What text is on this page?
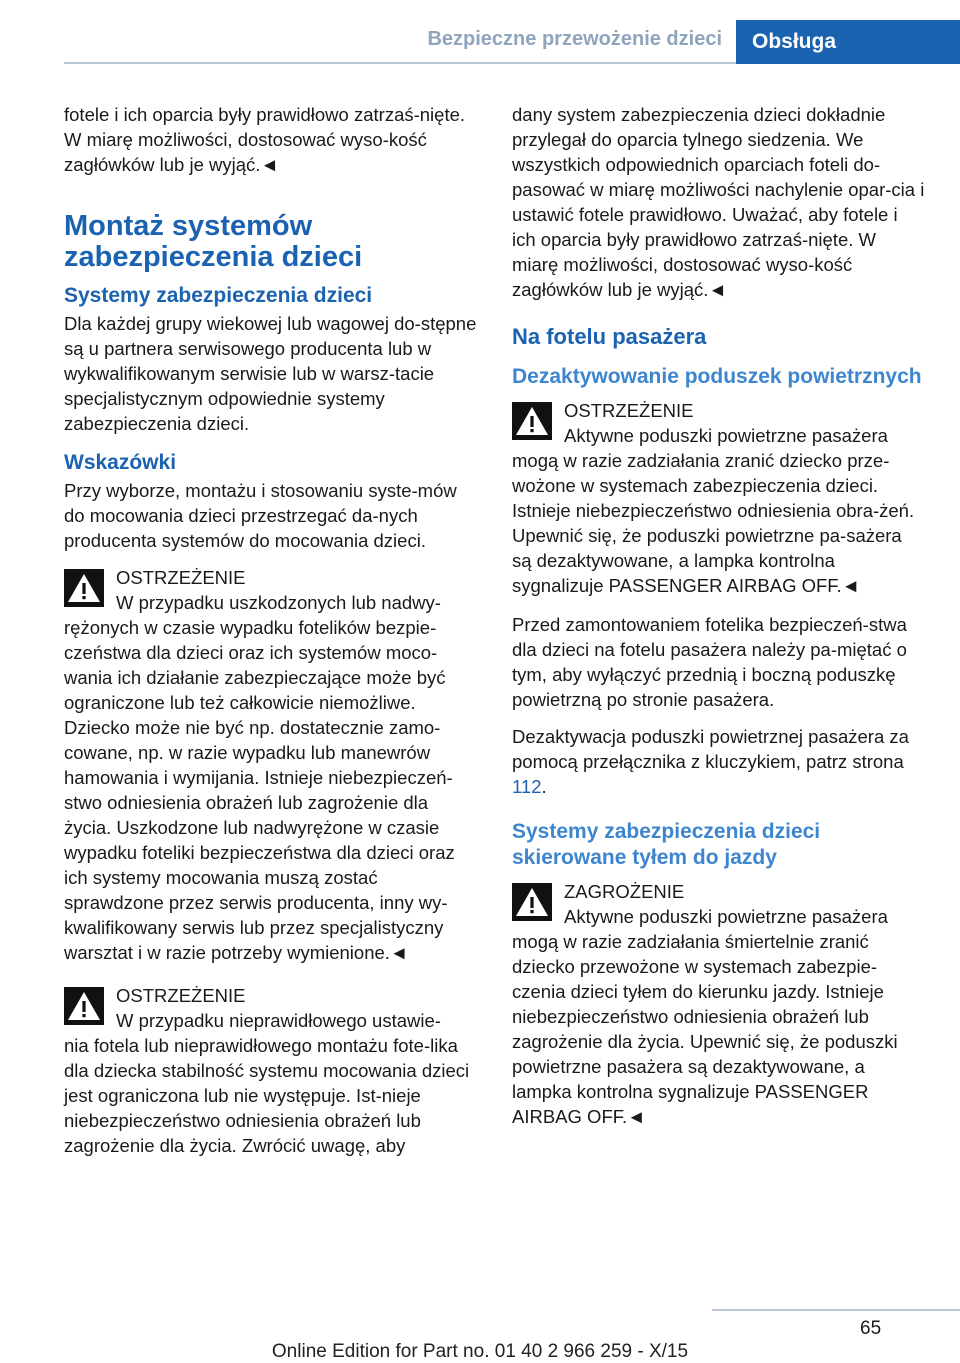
Bezpieczne przewożenie dzieci	Obsługa

fotele i ich oparcia były prawidłowo zatrzaś-nięte. W miarę możliwości, dostosować wyso-kość zagłówków lub je wyjąć.◄

Montaż systemów zabezpieczenia dzieci
Systemy zabezpieczenia dzieci

Dla każdej grupy wiekowej lub wagowej do-stępne są u partnera serwisowego producenta lub w wykwalifikowanym serwisie lub w warsz-tacie specjalistycznym odpowiednie systemy zabezpieczenia dzieci.

Wskazówki

Przy wyborze, montażu i stosowaniu syste-mów do mocowania dzieci przestrzegać da-nych producenta systemów do mocowania dzieci.

OSTRZEŻENIE
W przypadku uszkodzonych lub nadwy-

rężonych w czasie wypadku fotelików bezpie-czeństwa dla dzieci oraz ich systemów moco-wania ich działanie zabezpieczające może być ograniczone lub też całkowicie niemożliwe. Dziecko może nie być np. dostatecznie zamo-cowane, np. w razie wypadku lub manewrów hamowania i wymijania. Istnieje niebezpieczeń-stwo odniesienia obrażeń lub zagrożenie dla życia. Uszkodzone lub nadwyrężone w czasie wypadku foteliki bezpieczeństwa dla dzieci oraz ich systemy mocowania muszą zostać sprawdzone przez serwis producenta, inny wy-kwalifikowany serwis lub przez specjalistyczny warsztat i w razie potrzeby wymienione.◄

OSTRZEŻENIE
W przypadku nieprawidłowego ustawie-

nia fotela lub nieprawidłowego montażu fote-lika dla dziecka stabilność systemu mocowania dzieci jest ograniczona lub nie występuje. Ist-nieje niebezpieczeństwo odniesienia obrażeń lub zagrożenie dla życia. Zwrócić uwagę, aby

dany system zabezpieczenia dzieci dokładnie przylegał do oparcia tylnego siedzenia. We wszystkich odpowiednich oparciach foteli do-pasować w miarę możliwości nachylenie opar-cia i ustawić fotele prawidłowo. Uważać, aby fotele i ich oparcia były prawidłowo zatrzaś-nięte. W miarę możliwości, dostosować wyso-kość zagłówków lub je wyjąć.◄

Na fotelu pasażera
Dezaktywowanie poduszek powietrznych
OSTRZEŻENIE
Aktywne poduszki powietrzne pasażera

mogą w razie zadziałania zranić dziecko prze-wożone w systemach zabezpieczenia dzieci. Istnieje niebezpieczeństwo odniesienia obra-żeń. Upewnić się, że poduszki powietrzne pa-sażera są dezaktywowane, a lampka kontrolna sygnalizuje PASSENGER AIRBAG OFF.◄

Przed zamontowaniem fotelika bezpieczeń-stwa dla dzieci na fotelu pasażera należy pa-miętać o tym, aby wyłączyć przednią i boczną poduszkę powietrzną po stronie pasażera.

Dezaktywacja poduszki powietrznej pasażera za pomocą przełącznika z kluczykiem, patrz strona 112.

Systemy zabezpieczenia dzieci skierowane tyłem do jazdy
ZAGROŻENIE
Aktywne poduszki powietrzne pasażera

mogą w razie zadziałania śmiertelnie zranić dziecko przewożone w systemach zabezpie-czenia dzieci tyłem do kierunku jazdy. Istnieje niebezpieczeństwo odniesienia obrażeń lub zagrożenie dla życia. Upewnić się, że poduszki powietrzne pasażera są dezaktywowane, a lampka kontrolna sygnalizuje PASSENGER AIRBAG OFF.◄

65
Online Edition for Part no. 01 40 2 966 259 - X/15
